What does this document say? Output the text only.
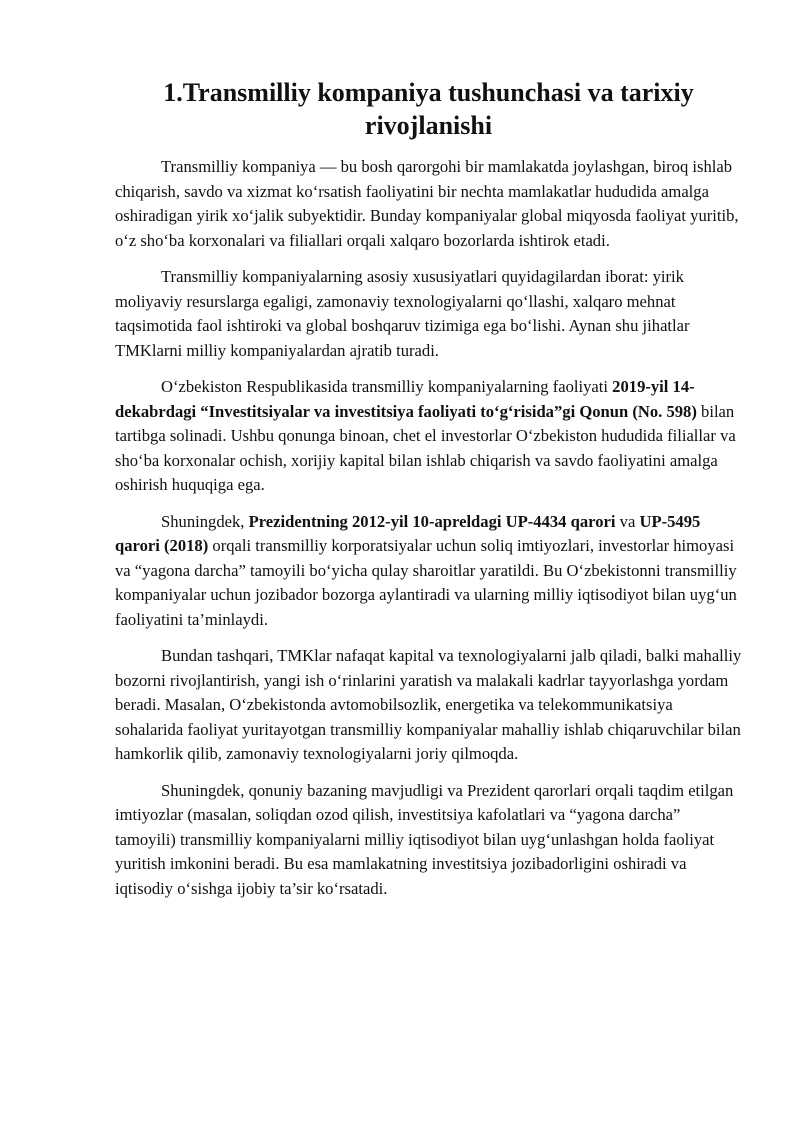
1.Transmilliy kompaniya tushunchasi va tarixiy rivojlanishi

Transmilliy kompaniya — bu bosh qarorgohi bir mamlakatda joylashgan, biroq ishlab chiqarish, savdo va xizmat ko‘rsatish faoliyatini bir nechta mamlakatlar hududida amalga oshiradigan yirik xo‘jalik subyektidir. Bunday kompaniyalar global miqyosda faoliyat yuritib, o‘z sho‘ba korxonalari va filiallari orqali xalqaro bozorlarda ishtirok etadi.

Transmilliy kompaniyalarning asosiy xususiyatlari quyidagilardan iborat: yirik moliyaviy resurslarga egaligi, zamonaviy texnologiyalarni qo‘llashi, xalqaro mehnat taqsimotida faol ishtiroki va global boshqaruv tizimiga ega bo‘lishi. Aynan shu jihatlar TMKlarni milliy kompaniyalardan ajratib turadi.

O‘zbekiston Respublikasida transmilliy kompaniyalarning faoliyati 2019-yil 14-dekabrdagi “Investitsiyalar va investitsiya faoliyati to‘g‘risida”gi Qonun (No. 598) bilan tartibga solinadi. Ushbu qonunga binoan, chet el investorlar O‘zbekiston hududida filiallar va sho‘ba korxonalar ochish, xorijiy kapital bilan ishlab chiqarish va savdo faoliyatini amalga oshirish huquqiga ega.

Shuningdek, Prezidentning 2012-yil 10-apreldagi UP-4434 qarori va UP-5495 qarori (2018) orqali transmilliy korporatsiyalar uchun soliq imtiyozlari, investorlar himoyasi va “yagona darcha” tamoyili bo‘yicha qulay sharoitlar yaratildi. Bu O‘zbekistonni transmilliy kompaniyalar uchun jozibador bozorga aylantiradi va ularning milliy iqtisodiyot bilan uyg‘un faoliyatini ta’minlaydi.

Bundan tashqari, TMKlar nafaqat kapital va texnologiyalarni jalb qiladi, balki mahalliy bozorni rivojlantirish, yangi ish o‘rinlarini yaratish va malakali kadrlar tayyorlashga yordam beradi. Masalan, O‘zbekistonda avtomobilsozlik, energetika va telekommunikatsiya sohalarida faoliyat yuritayotgan transmilliy kompaniyalar mahalliy ishlab chiqaruvchilar bilan hamkorlik qilib, zamonaviy texnologiyalarni joriy qilmoqda.

Shuningdek, qonuniy bazaning mavjudligi va Prezident qarorlari orqali taqdim etilgan imtiyozlar (masalan, soliqdan ozod qilish, investitsiya kafolatlari va “yagona darcha” tamoyili) transmilliy kompaniyalarni milliy iqtisodiyot bilan uyg‘unlashgan holda faoliyat yuritish imkonini beradi. Bu esa mamlakatning investitsiya jozibadorligini oshiradi va iqtisodiy o‘sishga ijobiy ta’sir ko‘rsatadi.
